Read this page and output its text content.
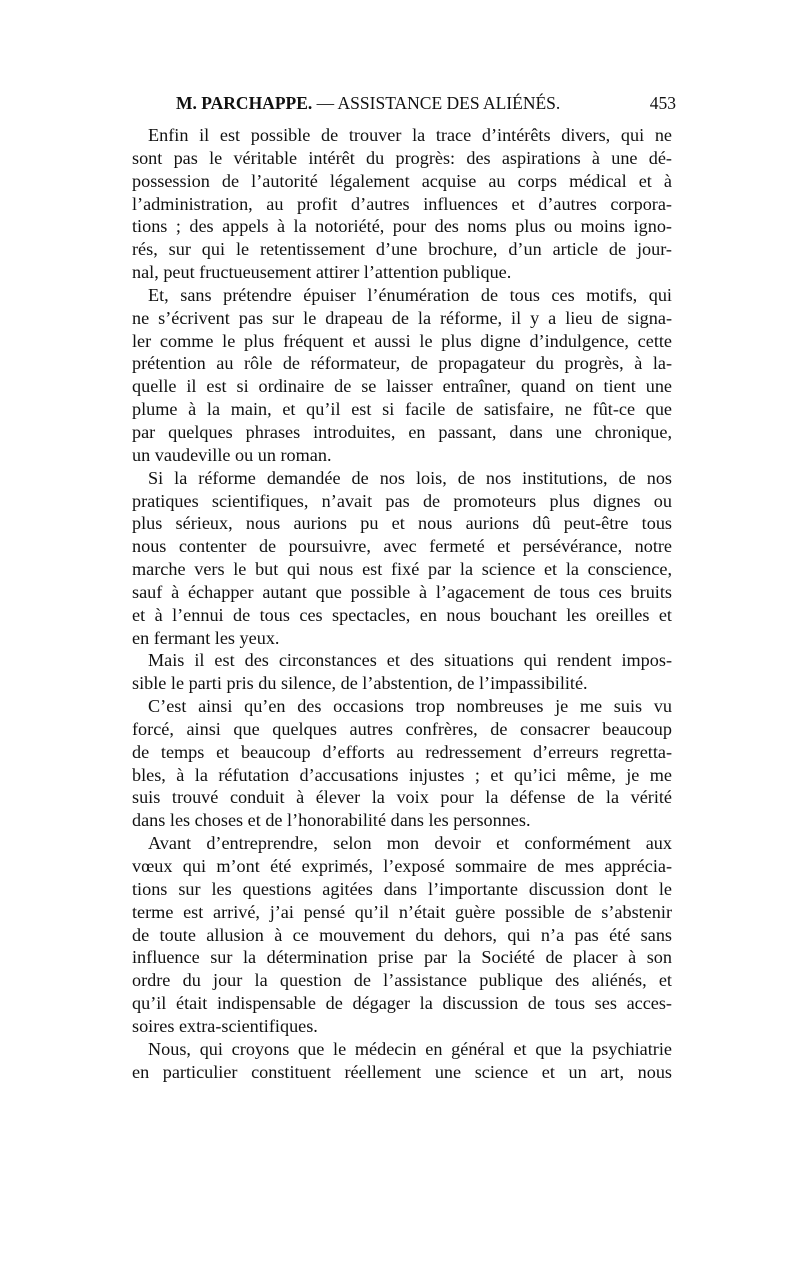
M. PARCHAPPE. — ASSISTANCE DES ALIÉNÉS.	453

Enfin il est possible de trouver la trace d’intérêts divers, qui ne
sont pas le véritable intérêt du progrès: des aspirations à une dé-
possession de l’autorité légalement acquise au corps médical et à
l’administration, au profit d’autres influences et d’autres corpora-
tions ; des appels à la notoriété, pour des noms plus ou moins igno-
rés, sur qui le retentissement d’une brochure, d’un article de jour-
nal, peut fructueusement attirer l’attention publique.

Et, sans prétendre épuiser l’énumération de tous ces motifs, qui
ne s’écrivent pas sur le drapeau de la réforme, il y a lieu de signa-
ler comme le plus fréquent et aussi le plus digne d’indulgence, cette
prétention au rôle de réformateur, de propagateur du progrès, à la-
quelle il est si ordinaire de se laisser entraîner, quand on tient une
plume à la main, et qu’il est si facile de satisfaire, ne fût-ce que
par quelques phrases introduites, en passant, dans une chronique,
un vaudeville ou un roman.

Si la réforme demandée de nos lois, de nos institutions, de nos
pratiques scientifiques, n’avait pas de promoteurs plus dignes ou
plus sérieux, nous aurions pu et nous aurions dû peut-être tous
nous contenter de poursuivre, avec fermeté et persévérance, notre
marche vers le but qui nous est fixé par la science et la conscience,
sauf à échapper autant que possible à l’agacement de tous ces bruits
et à l’ennui de tous ces spectacles, en nous bouchant les oreilles et
en fermant les yeux.

Mais il est des circonstances et des situations qui rendent impos-
sible le parti pris du silence, de l’abstention, de l’impassibilité.

C’est ainsi qu’en des occasions trop nombreuses je me suis vu
forcé, ainsi que quelques autres confrères, de consacrer beaucoup
de temps et beaucoup d’efforts au redressement d’erreurs regretta-
bles, à la réfutation d’accusations injustes ; et qu’ici même, je me
suis trouvé conduit à élever la voix pour la défense de la vérité
dans les choses et de l’honorabilité dans les personnes.

Avant d’entreprendre, selon mon devoir et conformément aux
vœux qui m’ont été exprimés, l’exposé sommaire de mes apprécia-
tions sur les questions agitées dans l’importante discussion dont le
terme est arrivé, j’ai pensé qu’il n’était guère possible de s’abstenir
de toute allusion à ce mouvement du dehors, qui n’a pas été sans
influence sur la détermination prise par la Société de placer à son
ordre du jour la question de l’assistance publique des aliénés, et
qu’il était indispensable de dégager la discussion de tous ses acces-
soires extra-scientifiques.

Nous, qui croyons que le médecin en général et que la psychiatrie
en particulier constituent réellement une science et un art, nous
